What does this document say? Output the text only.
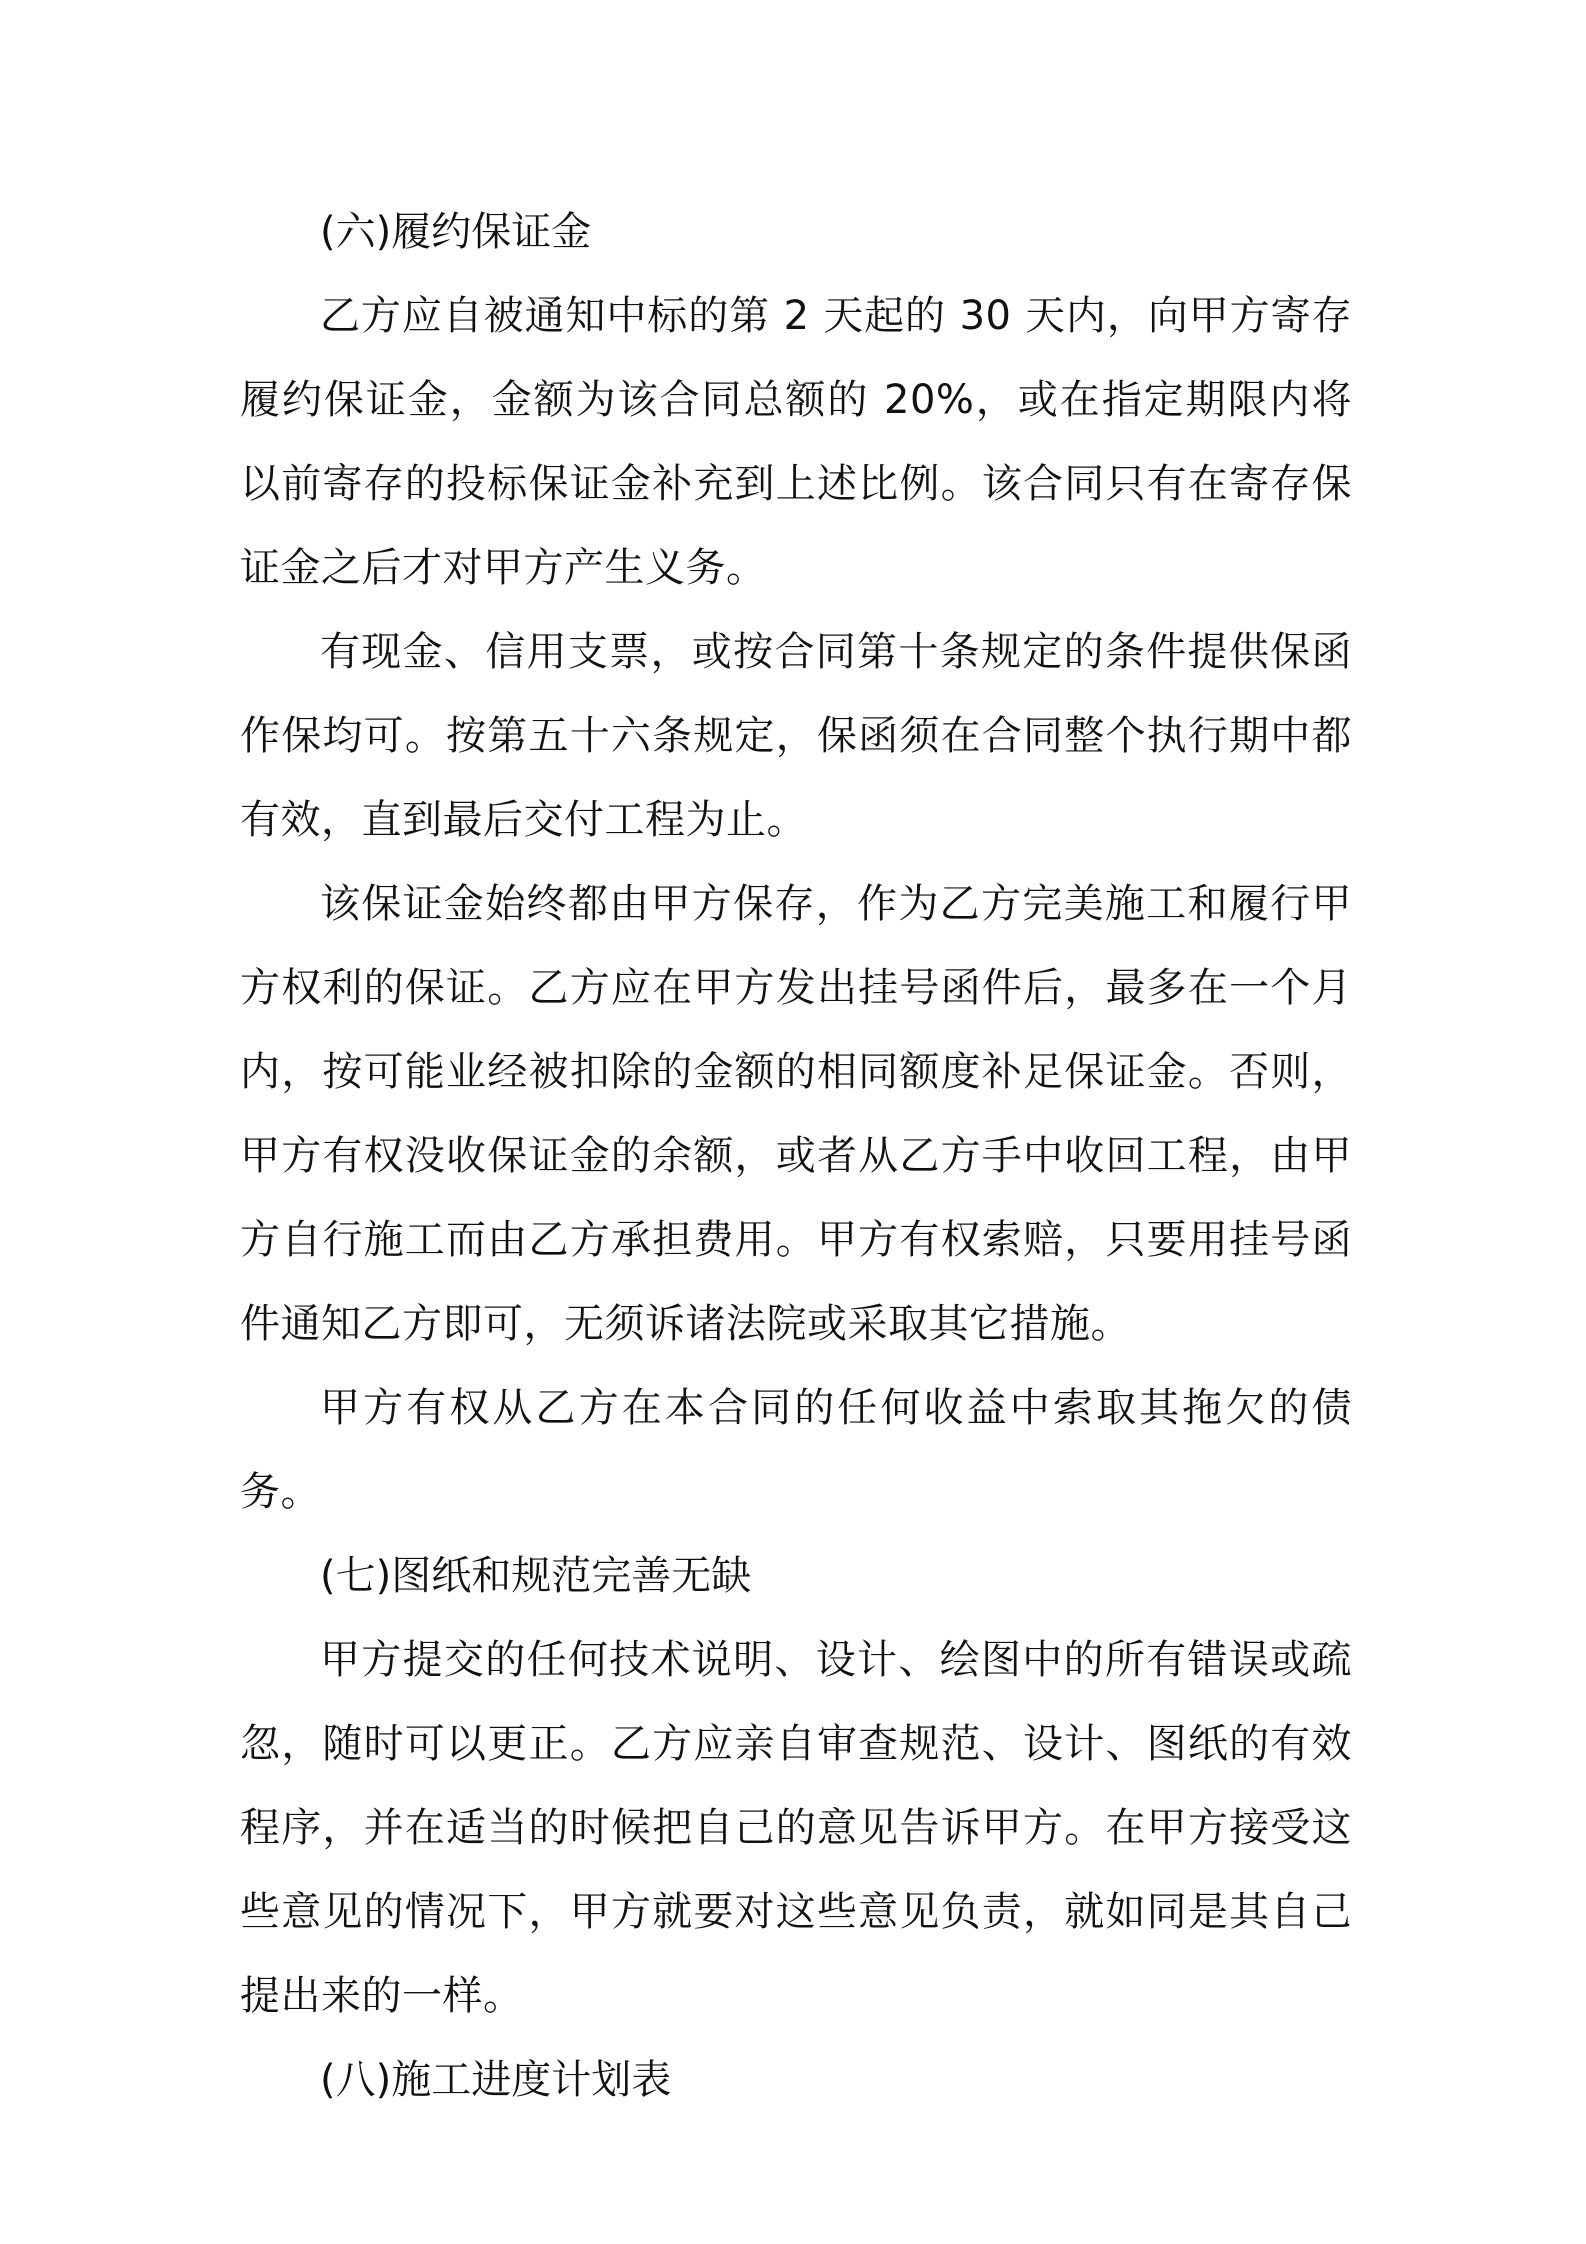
(六)履约保证金

乙方应自被通知中标的第 2 天起的 30 天内，向甲方寄存履约保证金，金额为该合同总额的 20%，或在指定期限内将以前寄存的投标保证金补充到上述比例。该合同只有在寄存保证金之后才对甲方产生义务。

有现金、信用支票，或按合同第十条规定的条件提供保函作保均可。按第五十六条规定，保函须在合同整个执行期中都有效，直到最后交付工程为止。

该保证金始终都由甲方保存，作为乙方完美施工和履行甲方权利的保证。乙方应在甲方发出挂号函件后，最多在一个月内，按可能业经被扣除的金额的相同额度补足保证金。否则，甲方有权没收保证金的余额，或者从乙方手中收回工程，由甲方自行施工而由乙方承担费用。甲方有权索赔，只要用挂号函件通知乙方即可，无须诉诸法院或采取其它措施。

甲方有权从乙方在本合同的任何收益中索取其拖欠的债务。

(七)图纸和规范完善无缺

甲方提交的任何技术说明、设计、绘图中的所有错误或疏忽，随时可以更正。乙方应亲自审查规范、设计、图纸的有效程序，并在适当的时候把自己的意见告诉甲方。在甲方接受这些意见的情况下，甲方就要对这些意见负责，就如同是其自己提出来的一样。

(八)施工进度计划表
